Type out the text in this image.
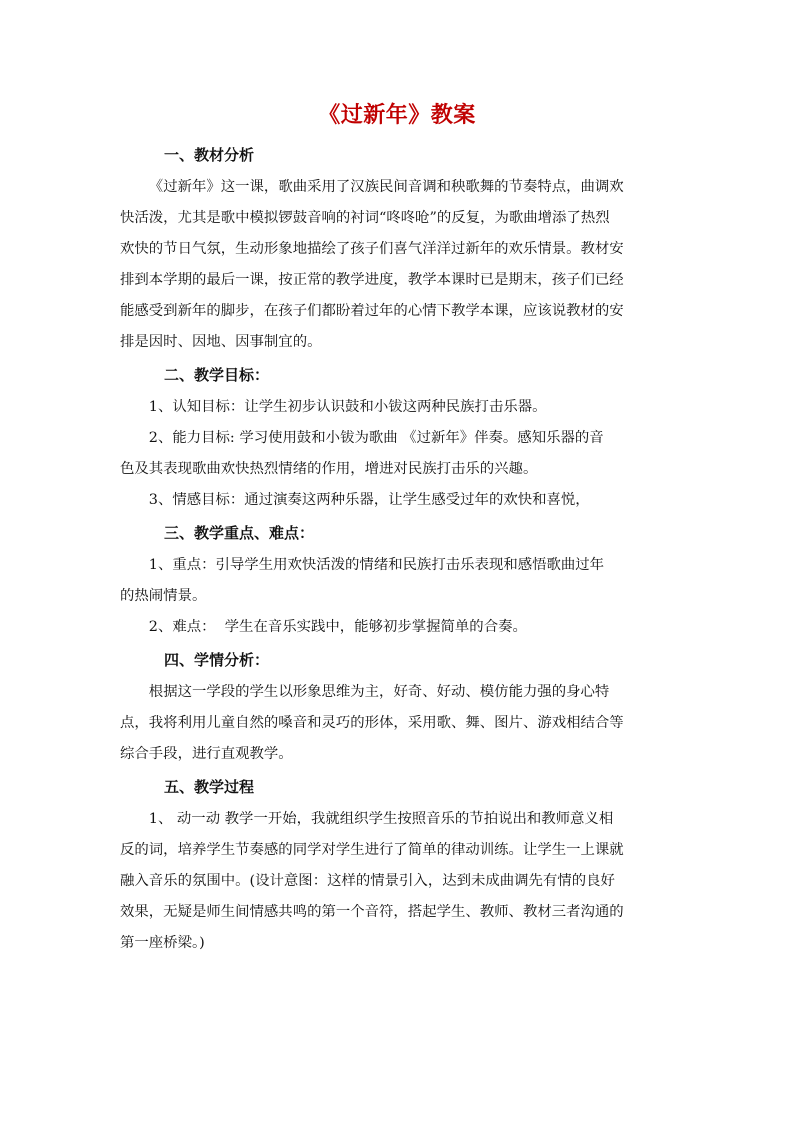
《过新年》教案
一、教材分析

《过新年》这一课，歌曲采用了汉族民间音调和秧歌舞的节奏特点，曲调欢
快活泼，尤其是歌中模拟锣鼓音响的衬词“咚咚呛”的反复，为歌曲增添了热烈
欢快的节日气氛，生动形象地描绘了孩子们喜气洋洋过新年的欢乐情景。教材安
排到本学期的最后一课，按正常的教学进度，教学本课时已是期末，孩子们已经
能感受到新年的脚步，在孩子们都盼着过年的心情下教学本课，应该说教材的安
排是因时、因地、因事制宜的。

二、教学目标：

1、认知目标：让学生初步认识鼓和小钹这两种民族打击乐器。

2、能力目标: 学习使用鼓和小钹为歌曲 《过新年》伴奏。感知乐器的音
色及其表现歌曲欢快热烈情绪的作用，增进对民族打击乐的兴趣。

3、情感目标：通过演奏这两种乐器，让学生感受过年的欢快和喜悦，

三、教学重点、难点：

1、重点：引导学生用欢快活泼的情绪和民族打击乐表现和感悟歌曲过年
的热闹情景。

2、难点：  学生在音乐实践中，能够初步掌握简单的合奏。

四、学情分析：

根据这一学段的学生以形象思维为主，好奇、好动、模仿能力强的身心特
点，我将利用儿童自然的嗓音和灵巧的形体，采用歌、舞、图片、游戏相结合等
综合手段，进行直观教学。

五、教学过程

1、 动一动 教学一开始，我就组织学生按照音乐的节拍说出和教师意义相
反的词，培养学生节奏感的同学对学生进行了简单的律动训练。让学生一上课就
融入音乐的氛围中。(设计意图：这样的情景引入，达到未成曲调先有情的良好
效果，无疑是师生间情感共鸣的第一个音符，搭起学生、教师、教材三者沟通的
第一座桥梁。)
